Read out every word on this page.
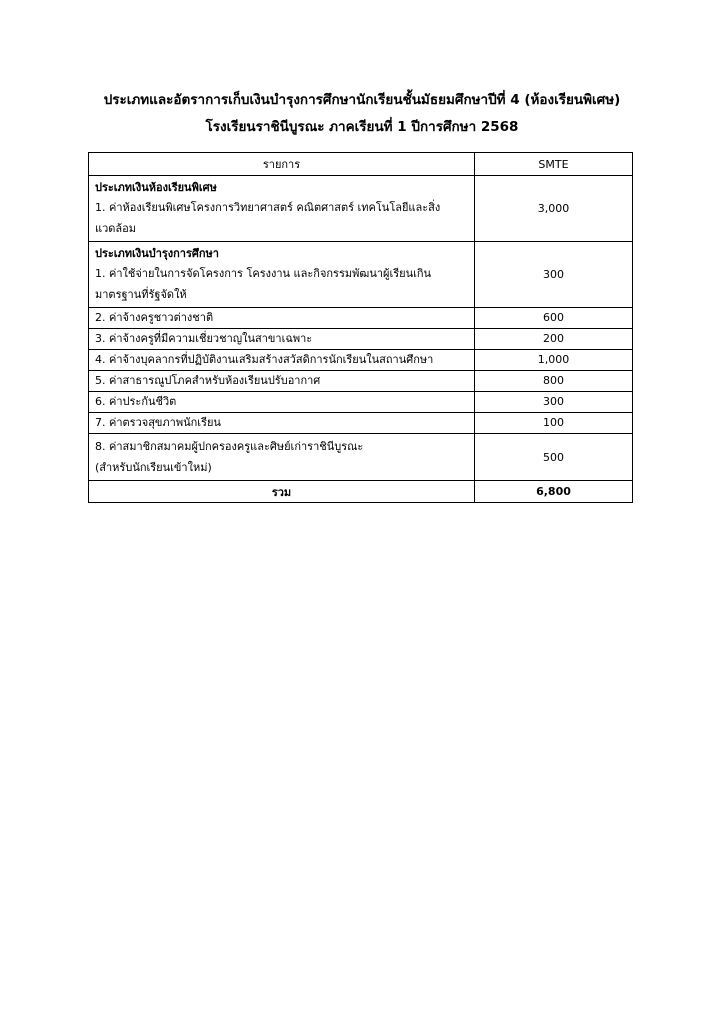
ประเภทและอัตราการเก็บเงินบำรุงการศึกษานักเรียนชั้นมัธยมศึกษาปีที่ 4 (ห้องเรียนพิเศษ)
โรงเรียนราชินีบูรณะ ภาคเรียนที่ 1 ปีการศึกษา 2568
รายการ	SMTE

ประเภทเงินห้องเรียนพิเศษ
1. ค่าห้องเรียนพิเศษโครงการวิทยาศาสตร์ คณิตศาสตร์ เทคโนโลยีและสิ่งแวดล้อม	3,000

ประเภทเงินบำรุงการศึกษา
1. ค่าใช้จ่ายในการจัดโครงการ โครงงาน และกิจกรรมพัฒนาผู้เรียนเกินมาตรฐานที่รัฐจัดให้	300
2. ค่าจ้างครูชาวต่างชาติ	600
3. ค่าจ้างครูที่มีความเชี่ยวชาญในสาขาเฉพาะ	200
4. ค่าจ้างบุคลากรที่ปฏิบัติงานเสริมสร้างสวัสดิการนักเรียนในสถานศึกษา	1,000
5. ค่าสาธารณูปโภคสำหรับห้องเรียนปรับอากาศ	800
6. ค่าประกันชีวิต	300
7. ค่าตรวจสุขภาพนักเรียน	100

8. ค่าสมาชิกสมาคมผู้ปกครองครูและศิษย์เก่าราชินีบูรณะ
(สำหรับนักเรียนเข้าใหม่)	500
รวม	6,800
